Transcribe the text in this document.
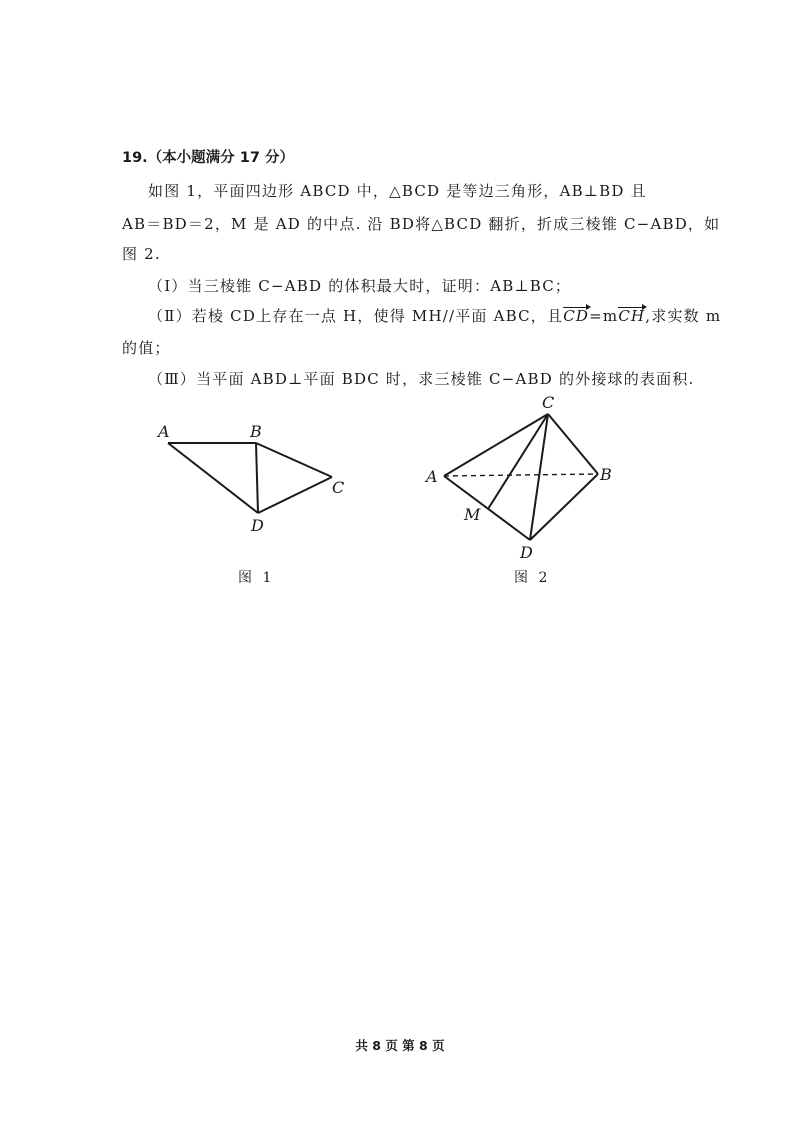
19.（本小题满分 17 分）
如图 1，平面四边形 ABCD 中，△BCD 是等边三角形，AB⊥BD 且
AB＝BD＝2，M 是 AD 的中点. 沿 BD将△BCD 翻折，折成三棱锥 C−ABD，如
图 2.
（Ⅰ）当三棱锥 C−ABD 的体积最大时，证明：AB⊥BC；
（Ⅱ）若棱 CD上存在一点 H，使得 MH//平面 ABC，且CD=mCH,求实数 m
的值；
（Ⅲ）当平面 ABD⊥平面 BDC 时，求三棱锥 C−ABD 的外接球的表面积.
A	B
C
D
图 1
C
A	B
M
D
图 2
共 8 页 第 8 页
